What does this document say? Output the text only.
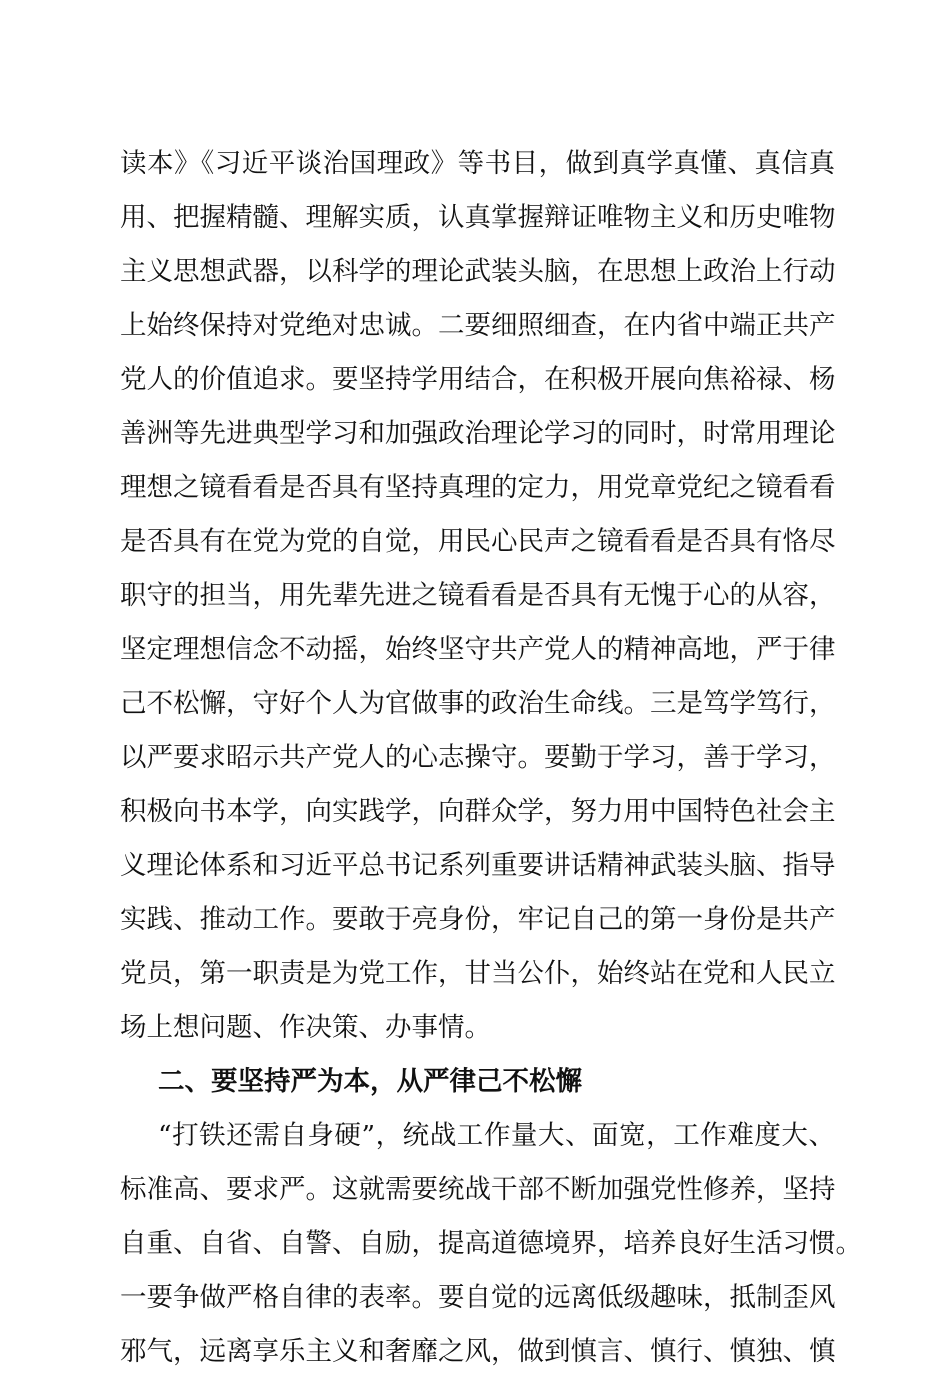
读本》《习近平谈治国理政》等书目，做到真学真懂、真信真
用、把握精髓、理解实质，认真掌握辩证唯物主义和历史唯物
主义思想武器，以科学的理论武装头脑，在思想上政治上行动
上始终保持对党绝对忠诚。二要细照细查，在内省中端正共产
党人的价值追求。要坚持学用结合，在积极开展向焦裕禄、杨
善洲等先进典型学习和加强政治理论学习的同时，时常用理论
理想之镜看看是否具有坚持真理的定力，用党章党纪之镜看看
是否具有在党为党的自觉，用民心民声之镜看看是否具有恪尽
职守的担当，用先辈先进之镜看看是否具有无愧于心的从容，
坚定理想信念不动摇，始终坚守共产党人的精神高地，严于律
己不松懈，守好个人为官做事的政治生命线。三是笃学笃行，
以严要求昭示共产党人的心志操守。要勤于学习，善于学习，
积极向书本学，向实践学，向群众学，努力用中国特色社会主
义理论体系和习近平总书记系列重要讲话精神武装头脑、指导
实践、推动工作。要敢于亮身份，牢记自己的第一身份是共产
党员，第一职责是为党工作，甘当公仆，始终站在党和人民立
场上想问题、作决策、办事情。
二、要坚持严为本，从严律己不松懈
“打铁还需自身硬”，统战工作量大、面宽，工作难度大、
标准高、要求严。这就需要统战干部不断加强党性修养，坚持
自重、自省、自警、自励，提高道德境界，培养良好生活习惯。
一要争做严格自律的表率。要自觉的远离低级趣味，抵制歪风
邪气，远离享乐主义和奢靡之风，做到慎言、慎行、慎独、慎
